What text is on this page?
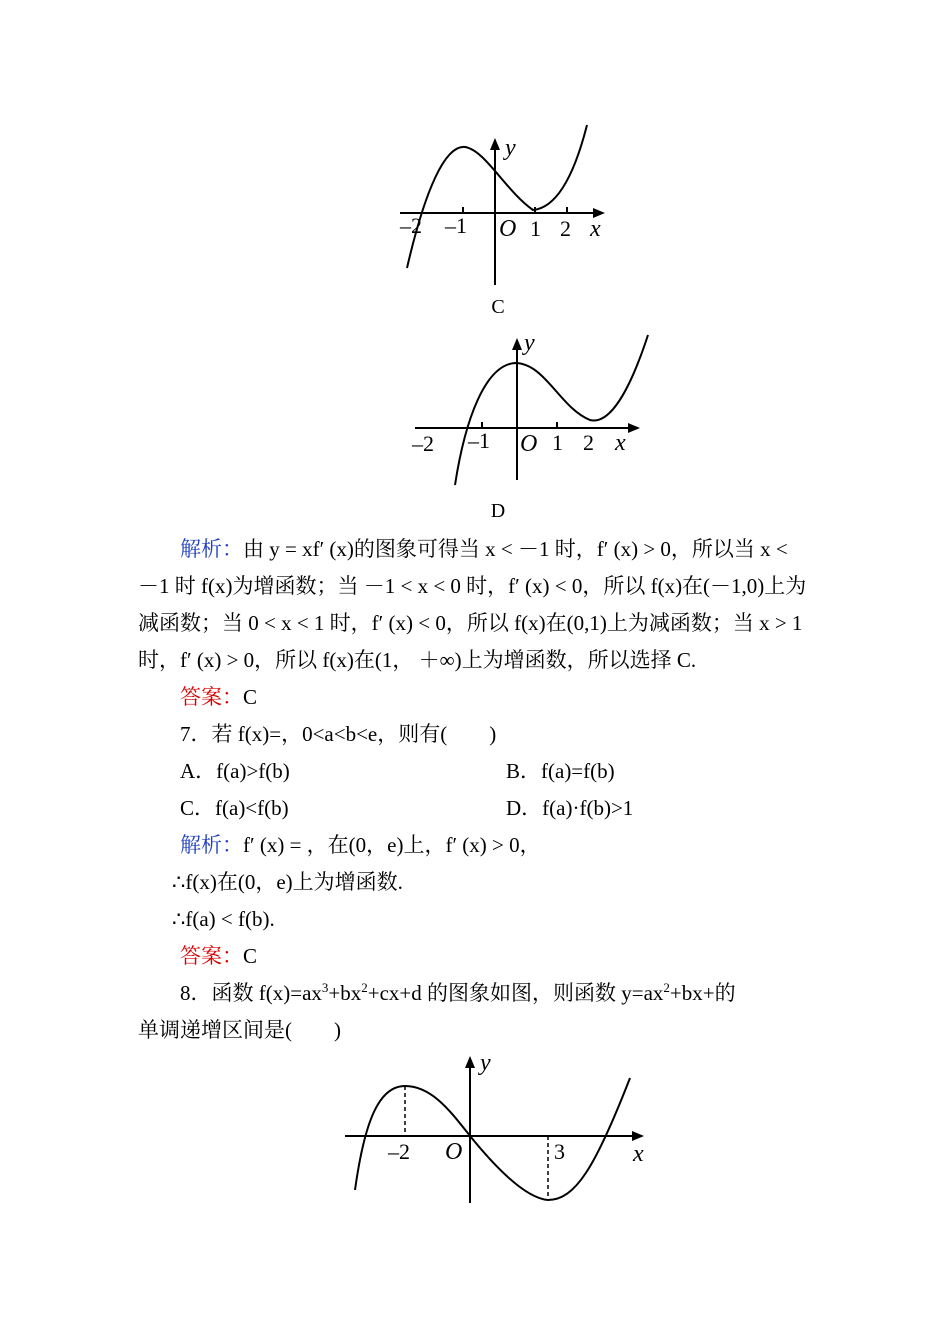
–2 –1	1 2
O	x
y
C
–2 –1	1 2
O	x
y
D
解析：由 y = xf′ (x)的图象可得当 x < －1 时，f′ (x) > 0，所以当 x <
－1 时 f(x)为增函数；当 －1 < x < 0 时，f′ (x) < 0，所以 f(x)在(－1,0)上为
减函数；当 0 < x < 1 时，f′ (x) < 0，所以 f(x)在(0,1)上为减函数；当 x > 1
时，f′ (x) > 0，所以 f(x)在(1， ＋∞)上为增函数，所以选择 C.
答案：C
7．若 f(x)=，0<a<b<e，则有(　　)
A．f(a)>f(b)	B．f(a)=f(b)
C．f(a)<f(b)	D．f(a)·f(b)>1
解析：f′ (x) = ，在(0，e)上，f′ (x) > 0，
∴f(x)在(0，e)上为增函数.
∴f(a) < f(b).
答案：C
8．函数 $f(x)=ax^3+bx^2+cx+d$ 的图象如图，则函数 $y=ax^2+bx+$的
单调递增区间是(　　)
–2	3
O	x
y
